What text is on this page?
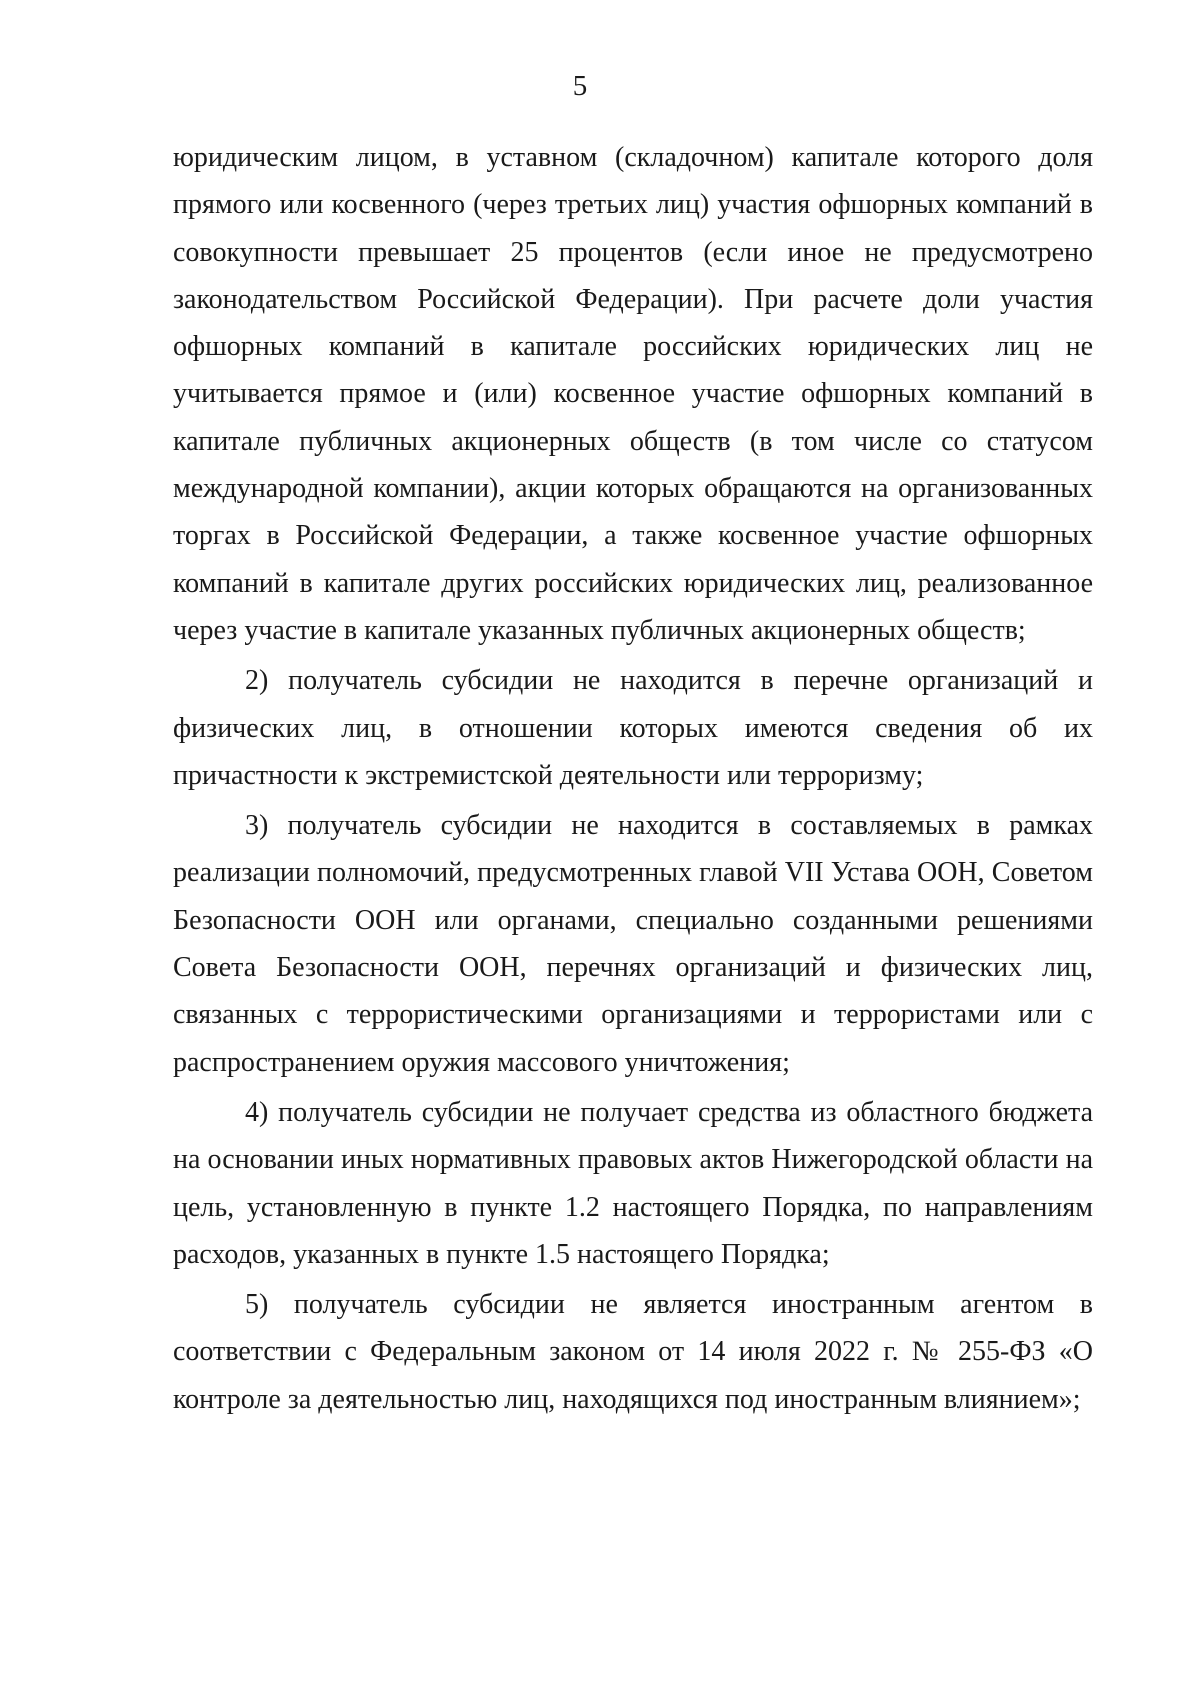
5

юридическим лицом, в уставном (складочном) капитале которого доля прямого или косвенного (через третьих лиц) участия офшорных компаний в совокупности превышает 25 процентов (если иное не предусмотрено законодательством Российской Федерации). При расчете доли участия офшорных компаний в капитале российских юридических лиц не учитывается прямое и (или) косвенное участие офшорных компаний в капитале публичных акционерных обществ (в том числе со статусом международной компании), акции которых обращаются на организованных торгах в Российской Федерации, а также косвенное участие офшорных компаний в капитале других российских юридических лиц, реализованное через участие в капитале указанных публичных акционерных обществ;

2) получатель субсидии не находится в перечне организаций и физических лиц, в отношении которых имеются сведения об их причастности к экстремистской деятельности или терроризму;

3) получатель субсидии не находится в составляемых в рамках реализации полномочий, предусмотренных главой VII Устава ООН, Советом Безопасности ООН или органами, специально созданными решениями Совета Безопасности ООН, перечнях организаций и физических лиц, связанных с террористическими организациями и террористами или с распространением оружия массового уничтожения;

4) получатель субсидии не получает средства из областного бюджета на основании иных нормативных правовых актов Нижегородской области на цель, установленную в пункте 1.2 настоящего Порядка, по направлениям расходов, указанных в пункте 1.5 настоящего Порядка;

5) получатель субсидии не является иностранным агентом в соответствии с Федеральным законом от 14 июля 2022 г. № 255-ФЗ «О контроле за деятельностью лиц, находящихся под иностранным влиянием»;
